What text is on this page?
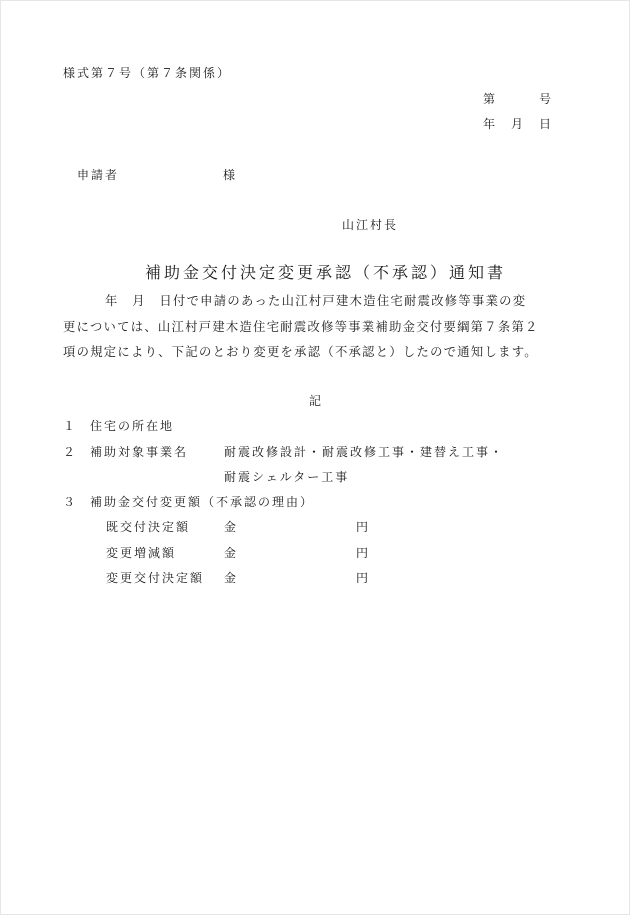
様式第７号（第７条関係）
第　　　号
年　月　日
申請者	様
山江村長
補助金交付決定変更承認（不承認）通知書
年　月　日付で申請のあった山江村戸建木造住宅耐震改修等事業の変
更については、山江村戸建木造住宅耐震改修等事業補助金交付要綱第７条第２
項の規定により、下記のとおり変更を承認（不承認と）したので通知します。
記
１ 住宅の所在地
２ 補助対象事業名	耐震改修設計・耐震改修工事・建替え工事・
耐震シェルター工事
３ 補助金交付変更額（不承認の理由）
既交付決定額	金	円
変更増減額	金	円
変更交付決定額 金	円
